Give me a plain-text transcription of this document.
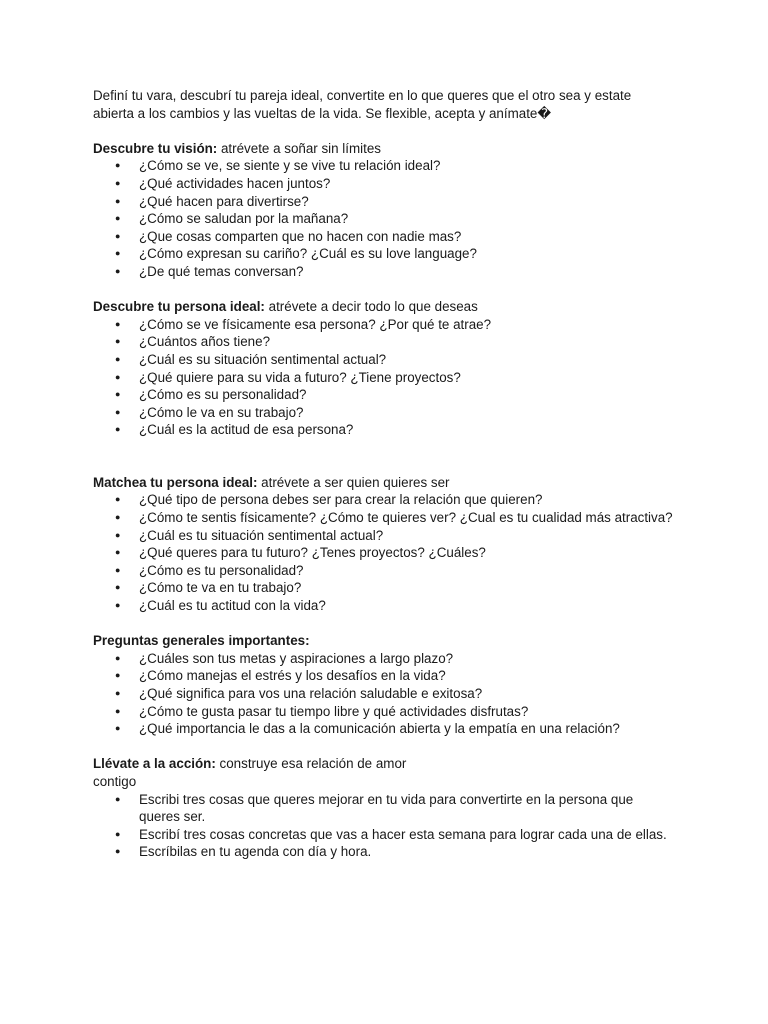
Definí tu vara, descubrí tu pareja ideal, convertite en lo que queres que el otro sea y estate abierta a los cambios y las vueltas de la vida. Se flexible, acepta y anímate�

Descubre tu visión: atrévete a soñar sin límites

● ¿Cómo se ve, se siente y se vive tu relación ideal?
● ¿Qué actividades hacen juntos?
● ¿Qué hacen para divertirse?
● ¿Cómo se saludan por la mañana?
● ¿Que cosas comparten que no hacen con nadie mas?
● ¿Cómo expresan su cariño? ¿Cuál es su love language?
● ¿De qué temas conversan?

Descubre tu persona ideal: atrévete a decir todo lo que deseas

● ¿Cómo se ve físicamente esa persona? ¿Por qué te atrae?
● ¿Cuántos años tiene?
● ¿Cuál es su situación sentimental actual?
● ¿Qué quiere para su vida a futuro? ¿Tiene proyectos?
● ¿Cómo es su personalidad?
● ¿Cómo le va en su trabajo?
● ¿Cuál es la actitud de esa persona?

Matchea tu persona ideal: atrévete a ser quien quieres ser

● ¿Qué tipo de persona debes ser para crear la relación que quieren?
● ¿Cómo te sentis físicamente? ¿Cómo te quieres ver? ¿Cual es tu cualidad más atractiva?
● ¿Cuál es tu situación sentimental actual?
● ¿Qué queres para tu futuro? ¿Tenes proyectos? ¿Cuáles?
● ¿Cómo es tu personalidad?
● ¿Cómo te va en tu trabajo?
● ¿Cuál es tu actitud con la vida?

Preguntas generales importantes:

● ¿Cuáles son tus metas y aspiraciones a largo plazo?
● ¿Cómo manejas el estrés y los desafíos en la vida?
● ¿Qué significa para vos una relación saludable e exitosa?
● ¿Cómo te gusta pasar tu tiempo libre y qué actividades disfrutas?
● ¿Qué importancia le das a la comunicación abierta y la empatía en una relación?

Llévate a la acción: construye esa relación de amor

contigo

● Escribi tres cosas que queres mejorar en tu vida para convertirte en la persona que queres ser.
● Escribí tres cosas concretas que vas a hacer esta semana para lograr cada una de ellas.
● Escríbilas en tu agenda con día y hora.
